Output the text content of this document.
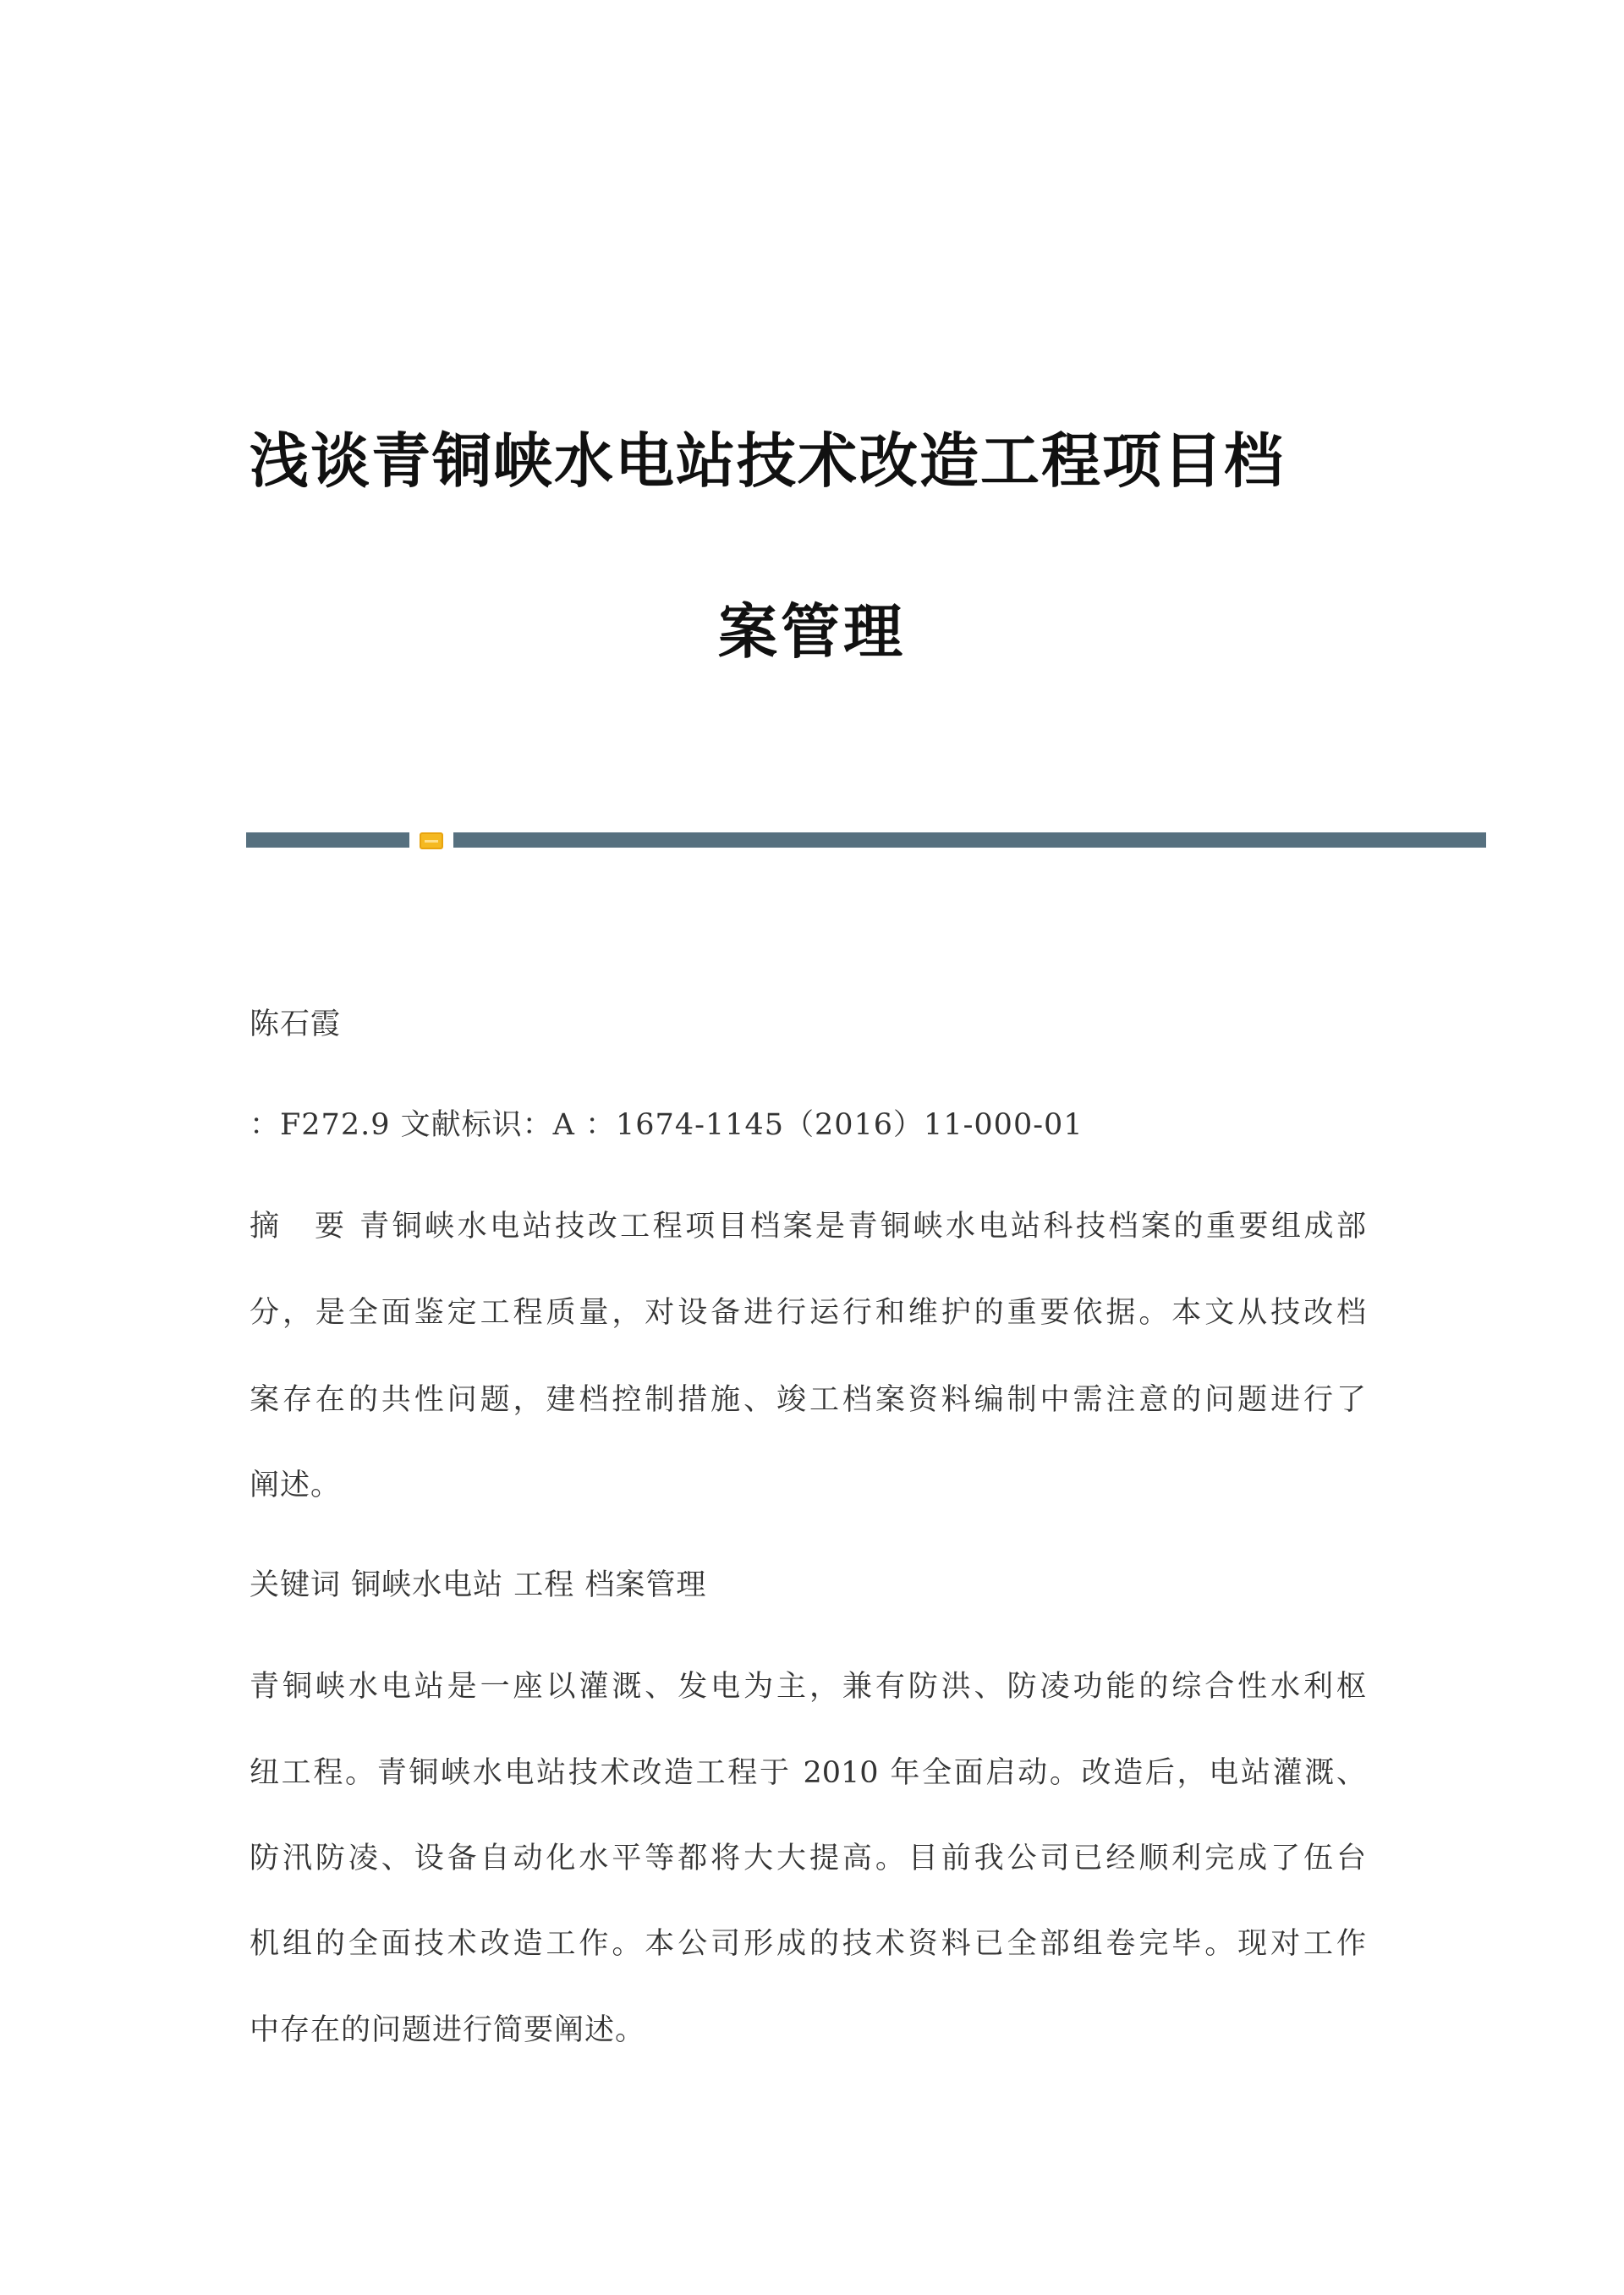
浅谈青铜峡水电站技术改造工程项目档
案管理
陈石霞
：F272.9 文献标识：A ：1674-1145（2016）11-000-01
摘　要 青铜峡水电站技改工程项目档案是青铜峡水电站科技档案的重要组成部
分，是全面鉴定工程质量，对设备进行运行和维护的重要依据。本文从技改档
案存在的共性问题，建档控制措施、竣工档案资料编制中需注意的问题进行了
阐述。
关键词 铜峡水电站 工程 档案管理
青铜峡水电站是一座以灌溉、发电为主，兼有防洪、防凌功能的综合性水利枢
纽工程。青铜峡水电站技术改造工程于 2010 年全面启动。改造后，电站灌溉、
防汛防凌、设备自动化水平等都将大大提高。目前我公司已经顺利完成了伍台
机组的全面技术改造工作。本公司形成的技术资料已全部组卷完毕。现对工作
中存在的问题进行简要阐述。
